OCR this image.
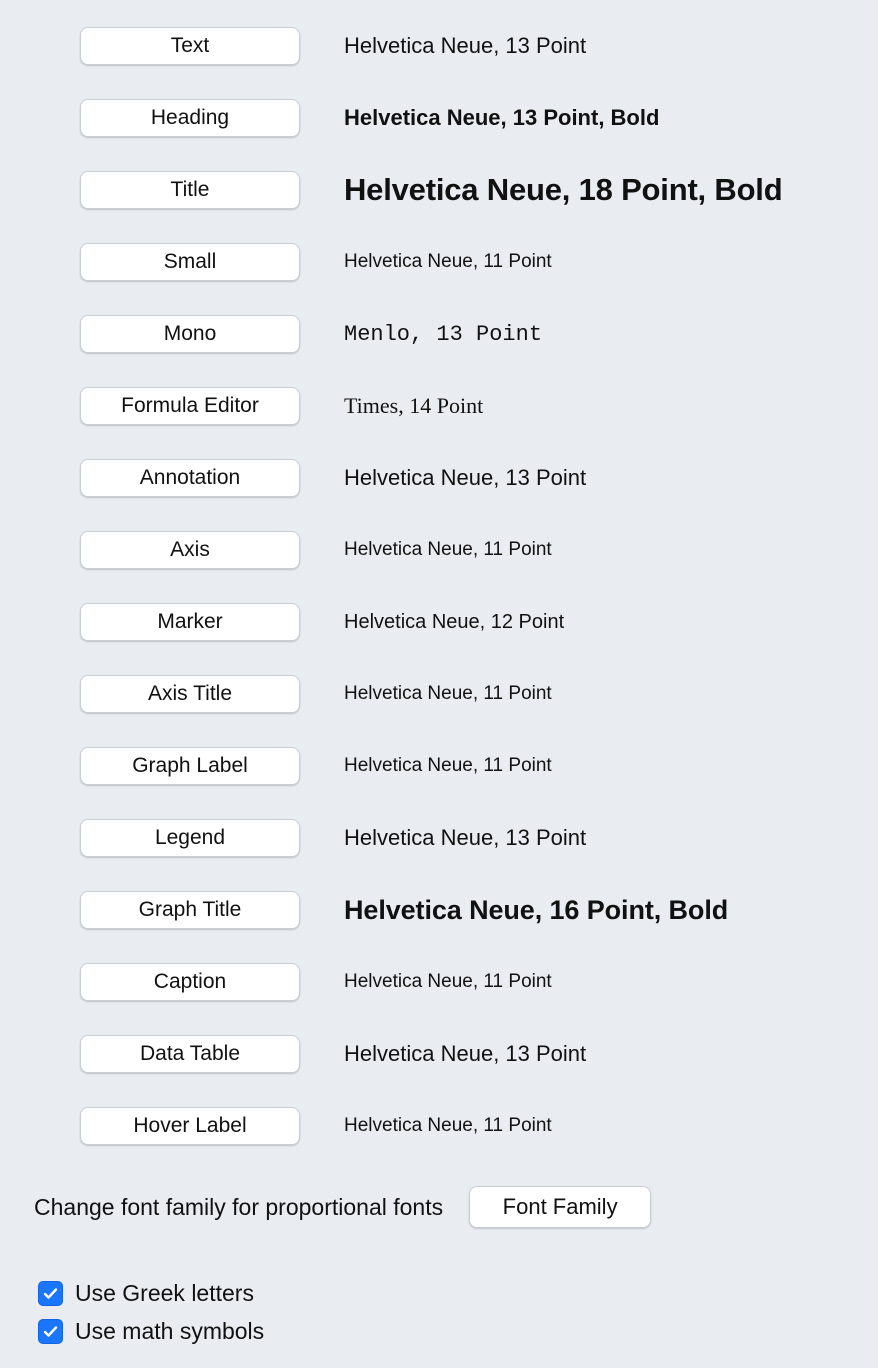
Text	Helvetica Neue, 13 Point
Heading	Helvetica Neue, 13 Point, Bold
Title	Helvetica Neue, 18 Point, Bold
Small	Helvetica Neue, 11 Point
Mono	Menlo, 13 Point
Formula Editor	Times, 14 Point
Annotation	Helvetica Neue, 13 Point
Axis	Helvetica Neue, 11 Point
Marker	Helvetica Neue, 12 Point
Axis Title	Helvetica Neue, 11 Point
Graph Label	Helvetica Neue, 11 Point
Legend	Helvetica Neue, 13 Point
Graph Title	Helvetica Neue, 16 Point, Bold
Caption	Helvetica Neue, 11 Point
Data Table	Helvetica Neue, 13 Point
Hover Label	Helvetica Neue, 11 Point
Change font family for proportional fonts	Font Family
Use Greek letters
Use math symbols
